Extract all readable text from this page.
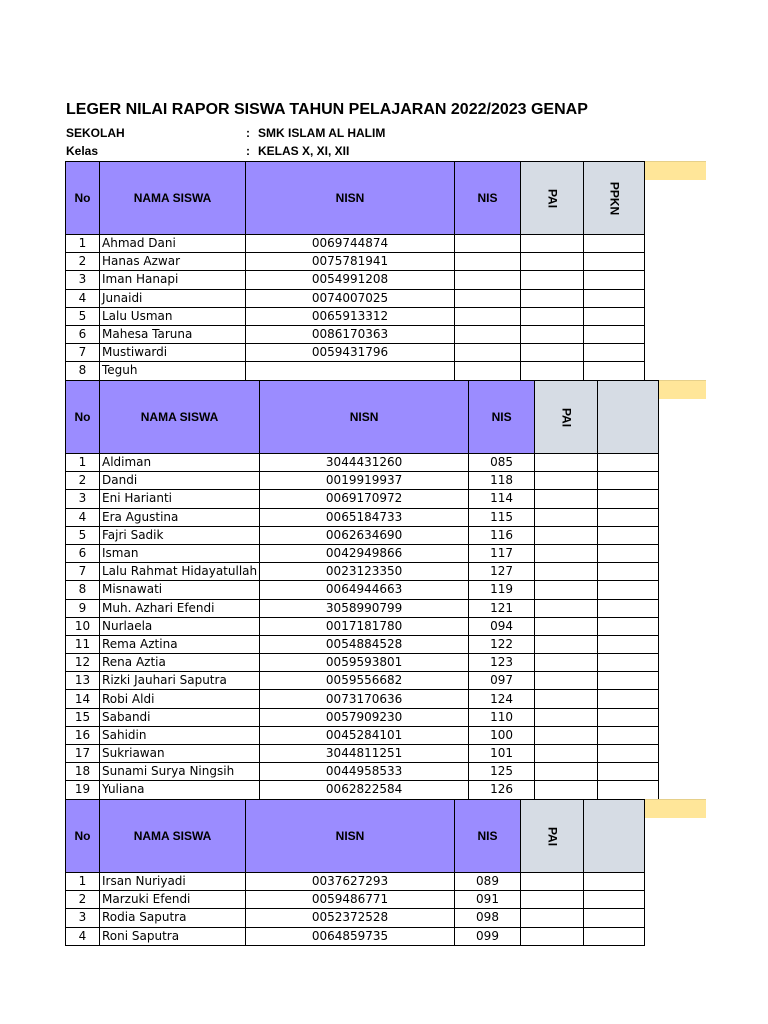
LEGER NILAI RAPOR SISWA TAHUN PELAJARAN 2022/2023 GENAP
SEKOLAH	: SMK ISLAM AL HALIM
Kelas	: KELAS X, XI, XII
No	NAMA SISWA	NISN	NIS	PAI	PPKN

1	Ahmad Dani	0069744874			
2	Hanas Azwar	0075781941			
3	Iman Hanapi	0054991208			
4	Junaidi	0074007025			
5	Lalu Usman	0065913312			
6	Mahesa Taruna	0086170363			
7	Mustiwardi	0059431796			
8	Teguh				
No	NAMA SISWA	NISN	NIS	PAI	

1	Aldiman	3044431260	085		
2	Dandi	0019919937	118		
3	Eni Harianti	0069170972	114		
4	Era Agustina	0065184733	115		
5	Fajri Sadik	0062634690	116		
6	Isman	0042949866	117		
7	Lalu Rahmat Hidayatullah	0023123350	127		
8	Misnawati	0064944663	119		
9	Muh. Azhari Efendi	3058990799	121		
10	Nurlaela	0017181780	094		
11	Rema Aztina	0054884528	122		
12	Rena Aztia	0059593801	123		
13	Rizki Jauhari Saputra	0059556682	097		
14	Robi Aldi	0073170636	124		
15	Sabandi	0057909230	110		
16	Sahidin	0045284101	100		
17	Sukriawan	3044811251	101		
18	Sunami Surya Ningsih	0044958533	125		
19	Yuliana	0062822584	126		
No	NAMA SISWA	NISN	NIS	PAI	

1	Irsan Nuriyadi	0037627293	089		
2	Marzuki Efendi	0059486771	091		
3	Rodia Saputra	0052372528	098		
4	Roni Saputra	0064859735	099		
